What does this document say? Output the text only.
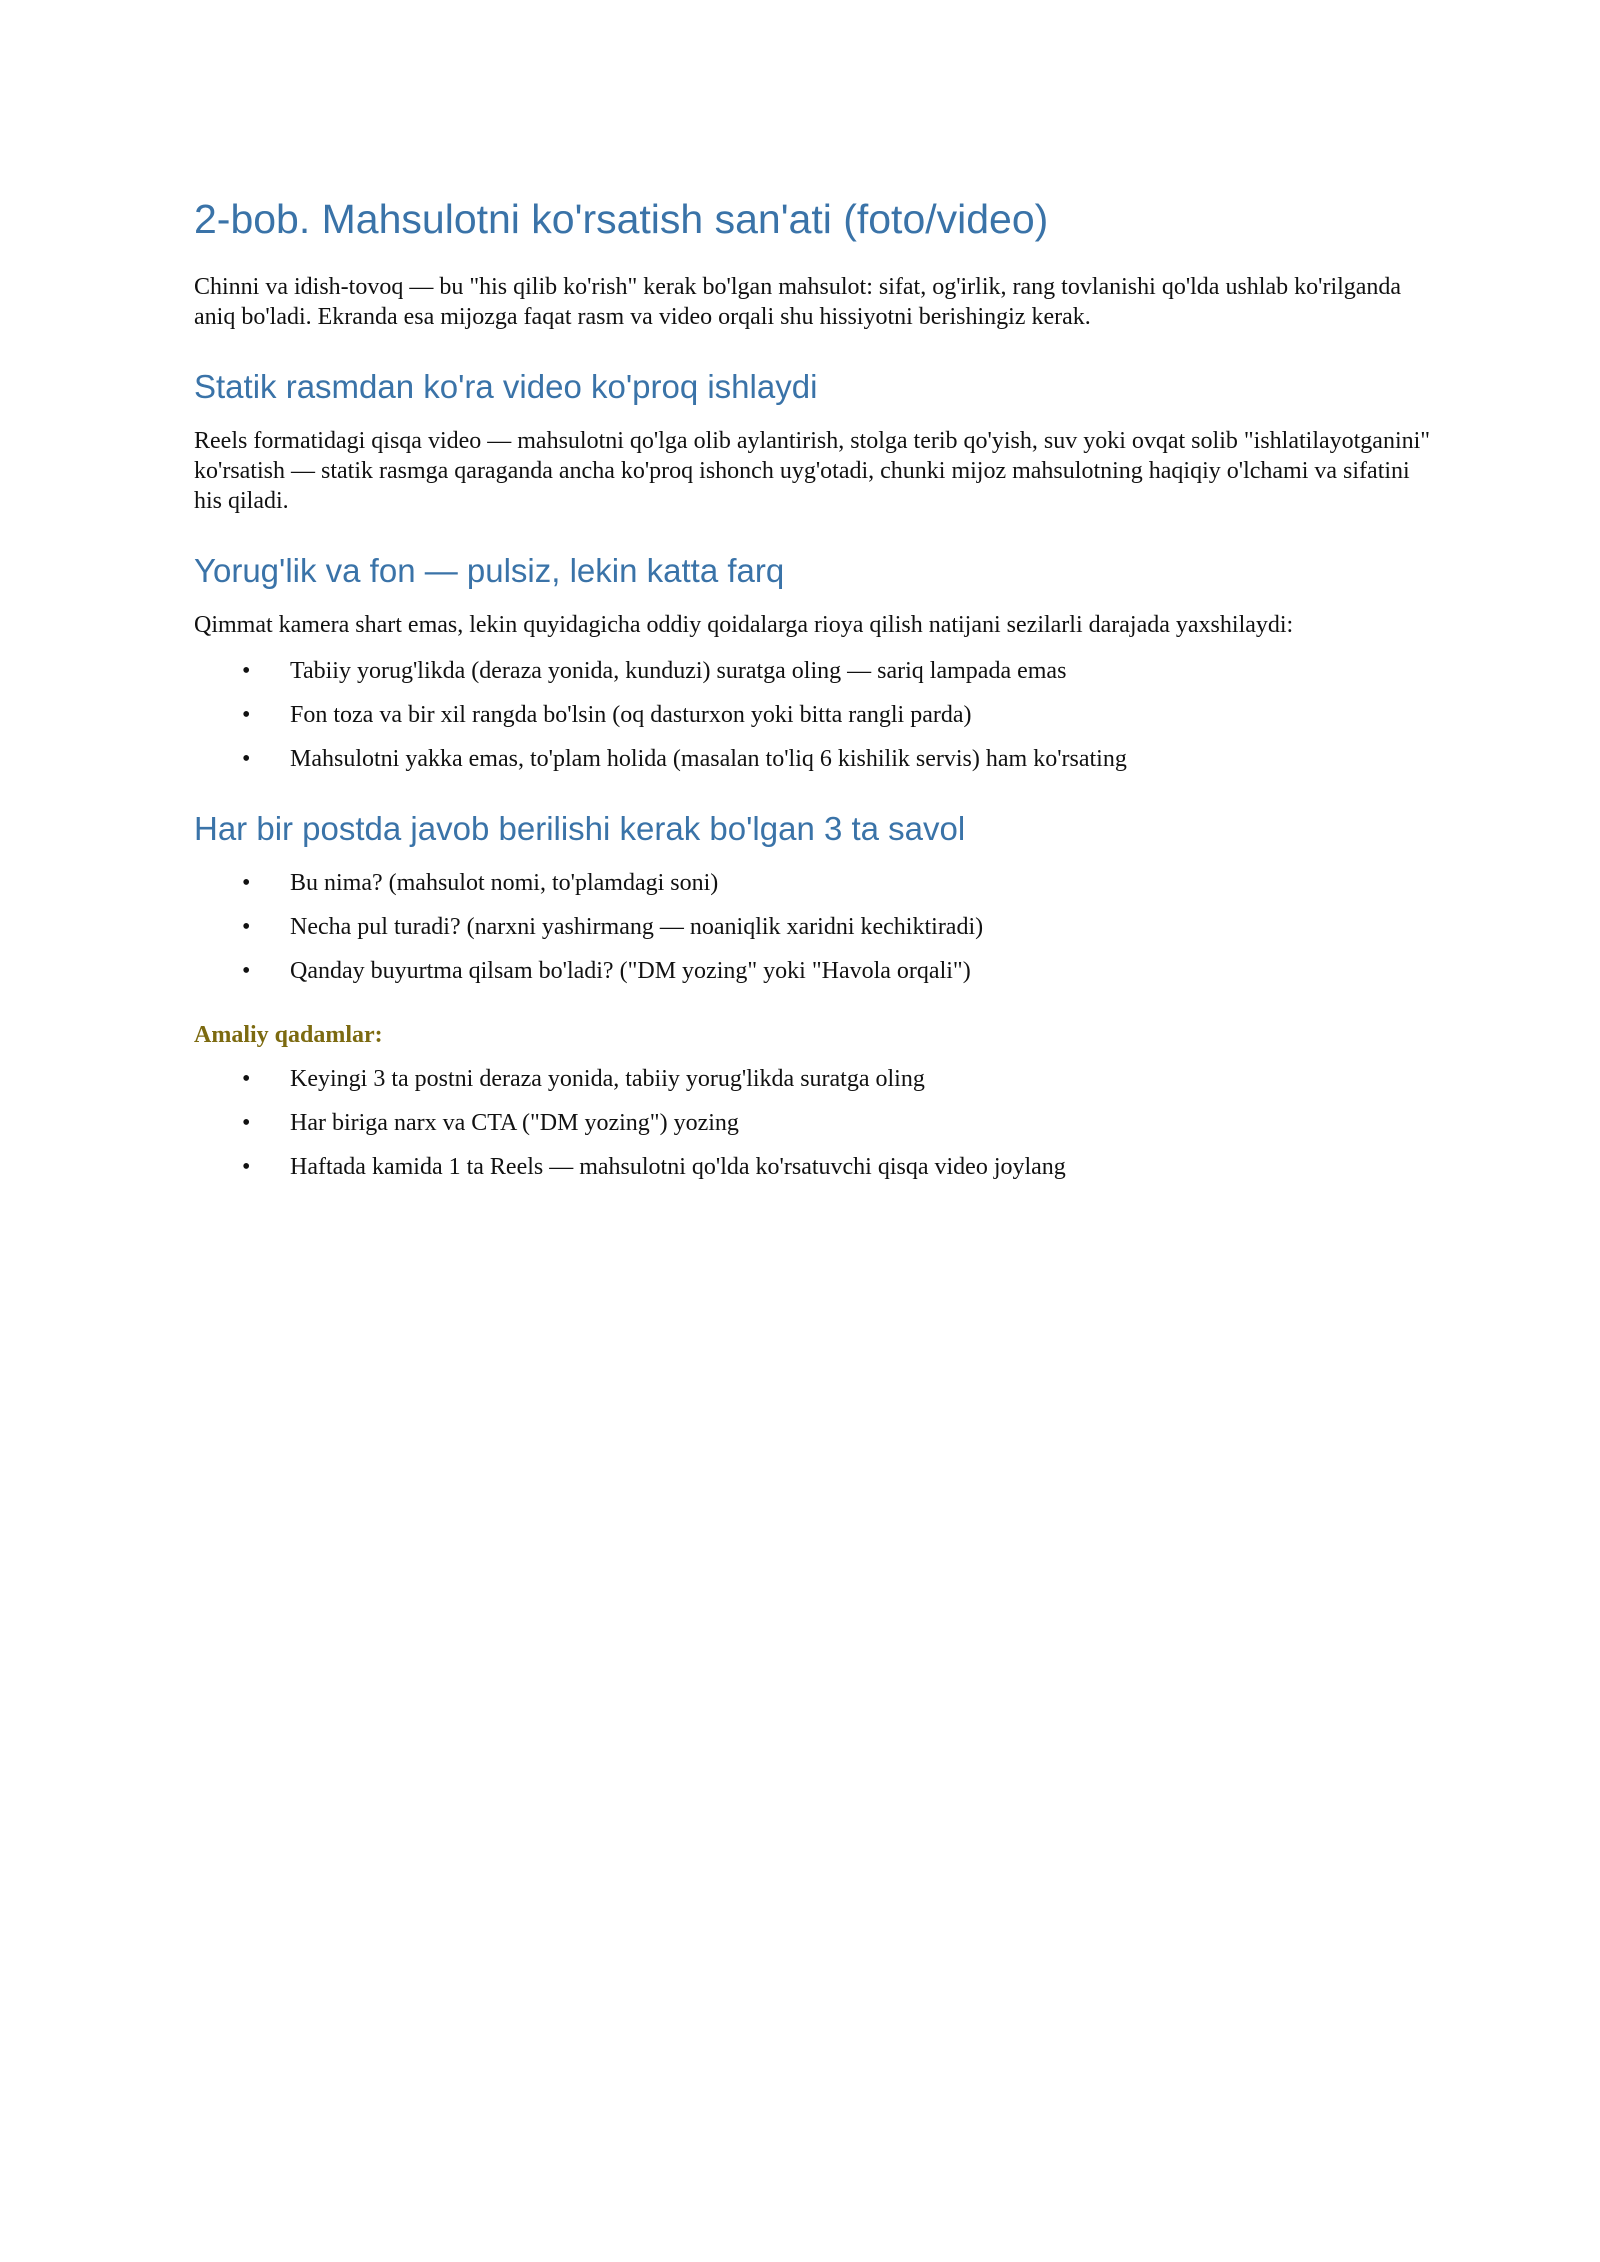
2-bob. Mahsulotni ko'rsatish san'ati (foto/video)

Chinni va idish-tovoq — bu "his qilib ko'rish" kerak bo'lgan mahsulot: sifat, og'irlik, rang tovlanishi qo'lda ushlab ko'rilganda aniq bo'ladi. Ekranda esa mijozga faqat rasm va video orqali shu hissiyotni berishingiz kerak.

Statik rasmdan ko'ra video ko'proq ishlaydi

Reels formatidagi qisqa video — mahsulotni qo'lga olib aylantirish, stolga terib qo'yish, suv yoki ovqat solib "ishlatilayotganini" ko'rsatish — statik rasmga qaraganda ancha ko'proq ishonch uyg'otadi, chunki mijoz mahsulotning haqiqiy o'lchami va sifatini his qiladi.

Yorug'lik va fon — pulsiz, lekin katta farq

Qimmat kamera shart emas, lekin quyidagicha oddiy qoidalarga rioya qilish natijani sezilarli darajada yaxshilaydi:

• Tabiiy yorug'likda (deraza yonida, kunduzi) suratga oling — sariq lampada emas
• Fon toza va bir xil rangda bo'lsin (oq dasturxon yoki bitta rangli parda)
• Mahsulotni yakka emas, to'plam holida (masalan to'liq 6 kishilik servis) ham ko'rsating
Har bir postda javob berilishi kerak bo'lgan 3 ta savol
• Bu nima? (mahsulot nomi, to'plamdagi soni)
• Necha pul turadi? (narxni yashirmang — noaniqlik xaridni kechiktiradi)
• Qanday buyurtma qilsam bo'ladi? ("DM yozing" yoki "Havola orqali")
Amaliy qadamlar:
• Keyingi 3 ta postni deraza yonida, tabiiy yorug'likda suratga oling
• Har biriga narx va CTA ("DM yozing") yozing
• Haftada kamida 1 ta Reels — mahsulotni qo'lda ko'rsatuvchi qisqa video joylang
